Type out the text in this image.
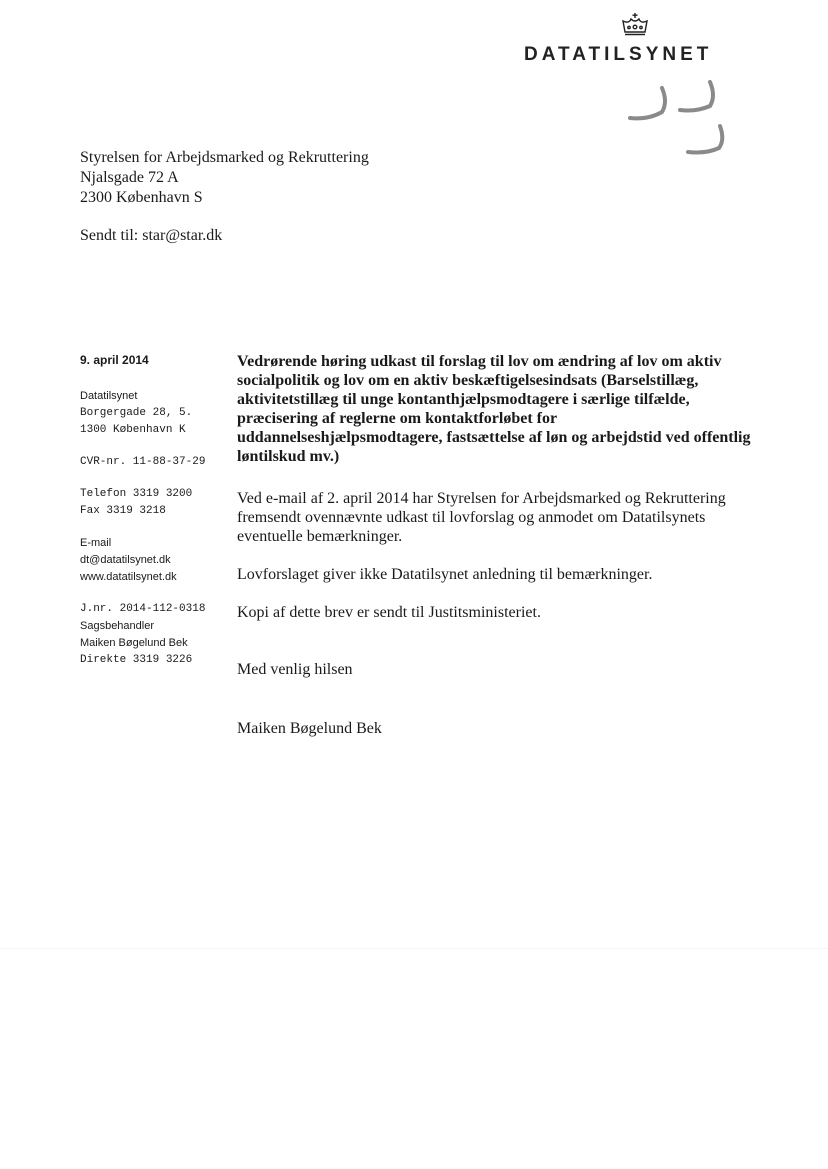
DATATILSYNET
Styrelsen for Arbejdsmarked og Rekruttering
Njalsgade 72 A
2300 København S
Sendt til: star@star.dk
9. april 2014
Datatilsynet
Borgergade 28, 5.
1300 København K
CVR-nr. 11-88-37-29
Telefon 3319 3200
Fax 3319 3218
E-mail
dt@datatilsynet.dk
www.datatilsynet.dk
J.nr. 2014-112-0318
Sagsbehandler
Maiken Bøgelund Bek
Direkte 3319 3226

Vedrørende høring udkast til forslag til lov om ændring af lov om aktiv socialpolitik og lov om en aktiv beskæftigelsesindsats (Barselstillæg, aktivitetstillæg til unge kontanthjælpsmodtagere i særlige tilfælde, præcisering af reglerne om kontaktforløbet for uddannelseshjælpsmodtagere, fastsættelse af løn og arbejdstid ved offentlig løntilskud mv.)

Ved e-mail af 2. april 2014 har Styrelsen for Arbejdsmarked og Rekruttering fremsendt ovennævnte udkast til lovforslag og anmodet om Datatilsynets eventuelle bemærkninger.

Lovforslaget giver ikke Datatilsynet anledning til bemærkninger.

Kopi af dette brev er sendt til Justitsministeriet.

Med venlig hilsen
Maiken Bøgelund Bek
